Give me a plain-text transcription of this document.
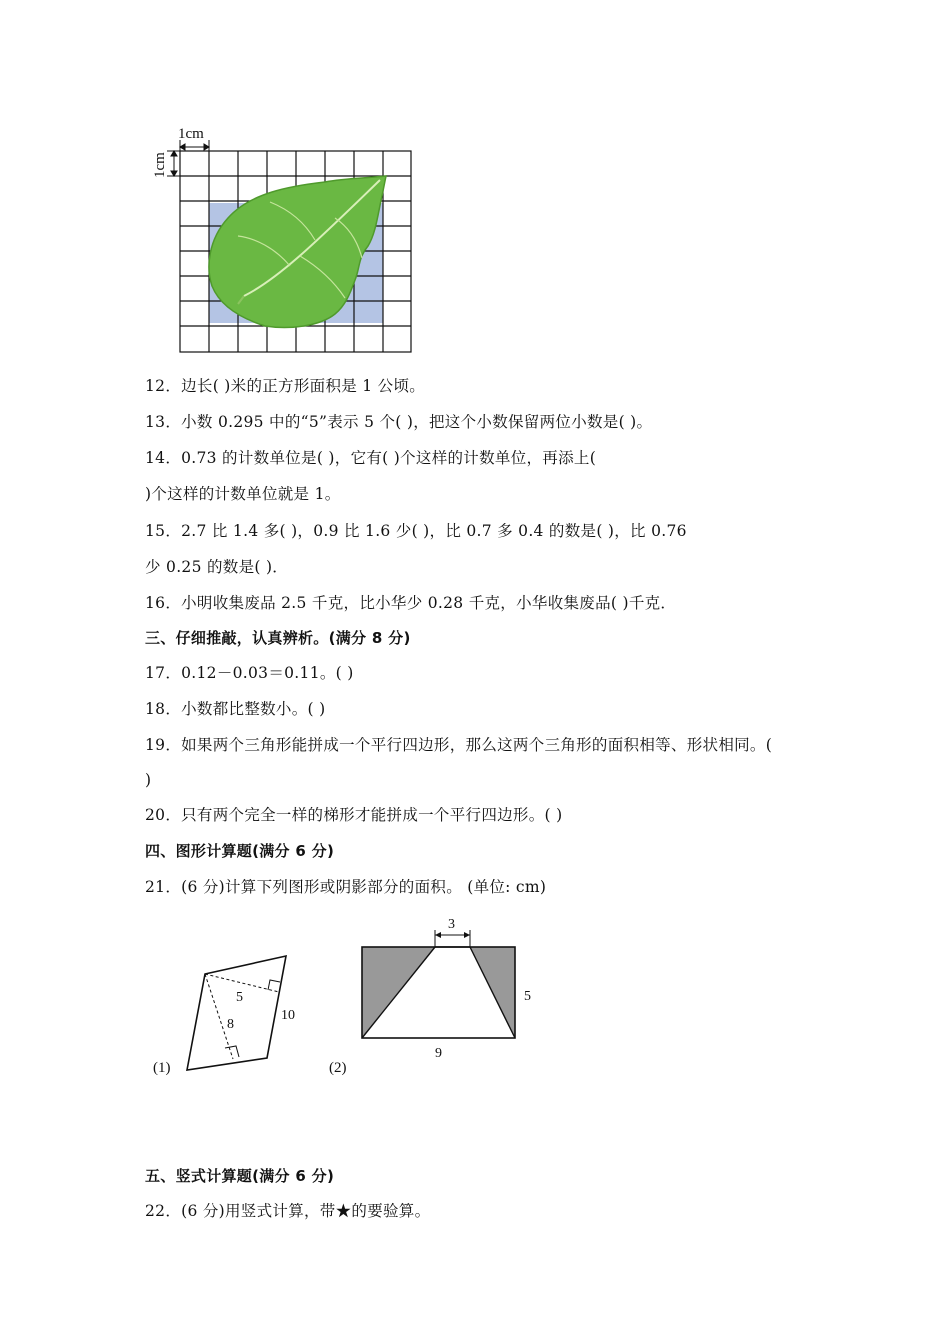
1cm
1cm
12．边长( )米的正方形面积是 1 公顷。
13．小数 0.295 中的“5”表示 5 个( )，把这个小数保留两位小数是( )。
14．0.73 的计数单位是( )，它有( )个这样的计数单位，再添上(
)个这样的计数单位就是 1。
15．2.7 比 1.4 多( )，0.9 比 1.6 少( )，比 0.7 多 0.4 的数是( )，比 0.76
少 0.25 的数是( )．
16．小明收集废品 2.5 千克，比小华少 0.28 千克，小华收集废品( )千克．
三、仔细推敲，认真辨析。(满分 8 分)
17．0.12－0.03＝0.11。( )
18．小数都比整数小。( )
19．如果两个三角形能拼成一个平行四边形，那么这两个三角形的面积相等、形状相同。(
)
20．只有两个完全一样的梯形才能拼成一个平行四边形。( )
四、图形计算题(满分 6 分)
21．(6 分)计算下列图形或阴影部分的面积。 (单位: cm)
5
8
10
(1)
3
5
9
(2)
五、竖式计算题(满分 6 分)
22．(6 分)用竖式计算，带★的要验算。
